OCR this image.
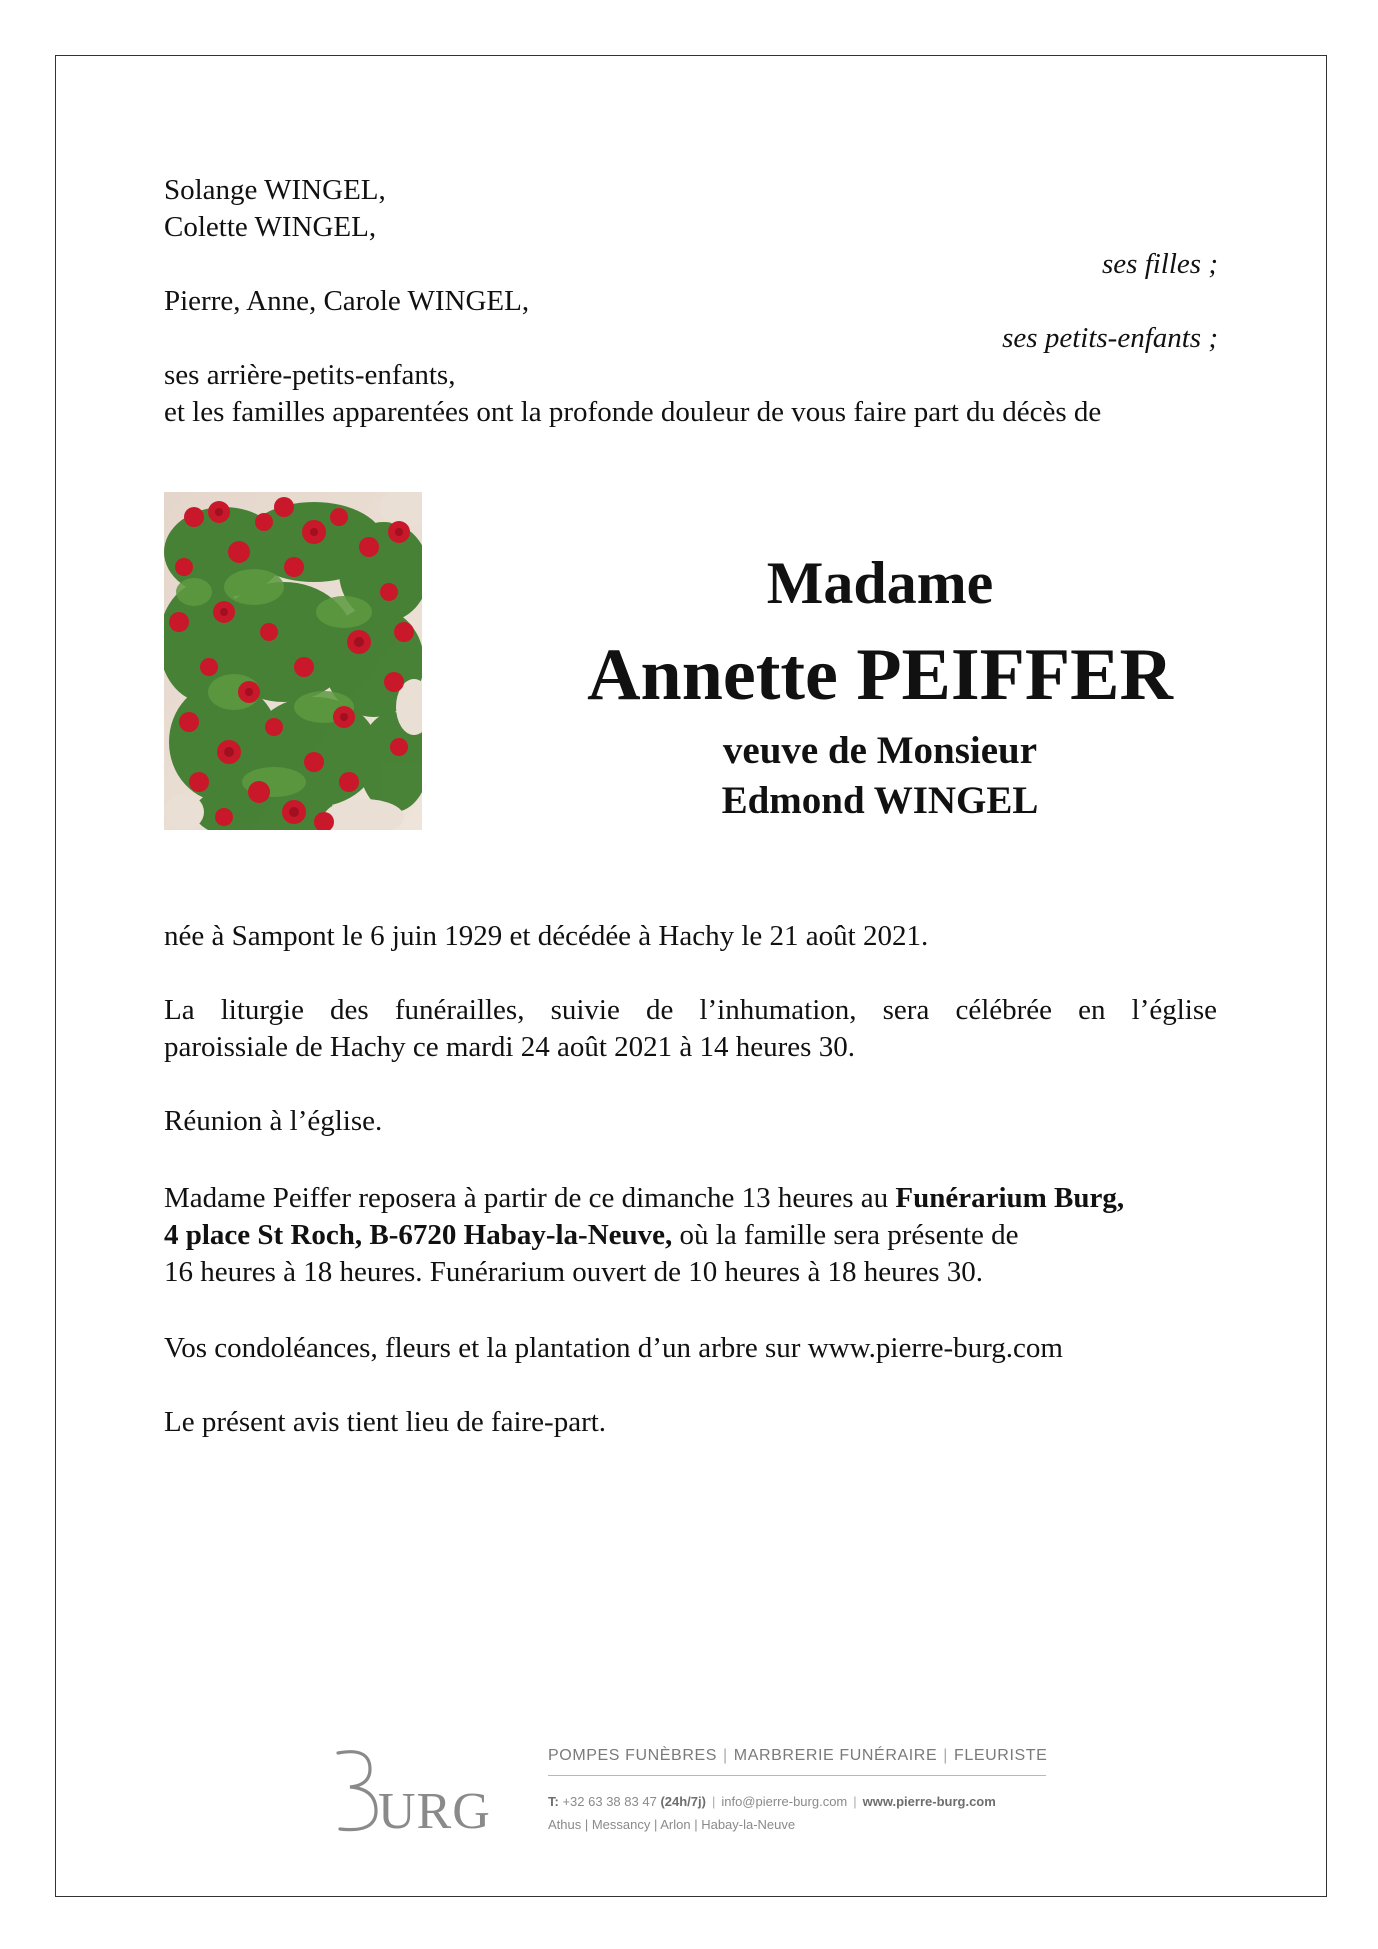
Solange WINGEL,
Colette WINGEL,
ses filles ;
Pierre, Anne, Carole WINGEL,
ses petits-enfants ;
ses arrière-petits-enfants,
et les familles apparentées ont la profonde douleur de vous faire part du décès de
Madame
Annette PEIFFER
veuve de Monsieur
Edmond WINGEL
née à Sampont le 6 juin 1929 et décédée à Hachy le 21 août 2021.
La liturgie des funérailles, suivie de l’inhumation, sera célébrée en l’église
paroissiale de Hachy ce mardi 24 août 2021 à 14 heures 30.
Réunion à l’église.
Madame Peiffer reposera à partir de ce dimanche 13 heures au Funérarium Burg,
4 place St Roch, B-6720 Habay-la-Neuve, où la famille sera présente de
16 heures à 18 heures. Funérarium ouvert de 10 heures à 18 heures 30.
Vos condoléances, fleurs et la plantation d’un arbre sur www.pierre-burg.com
Le présent avis tient lieu de faire-part.
URG
POMPES FUNÈBRES | MARBRERIE FUNÉRAIRE | FLEURISTE
T: +32 63 38 83 47 (24h/7j) | info@pierre-burg.com | www.pierre-burg.com
Athus | Messancy | Arlon | Habay-la-Neuve
